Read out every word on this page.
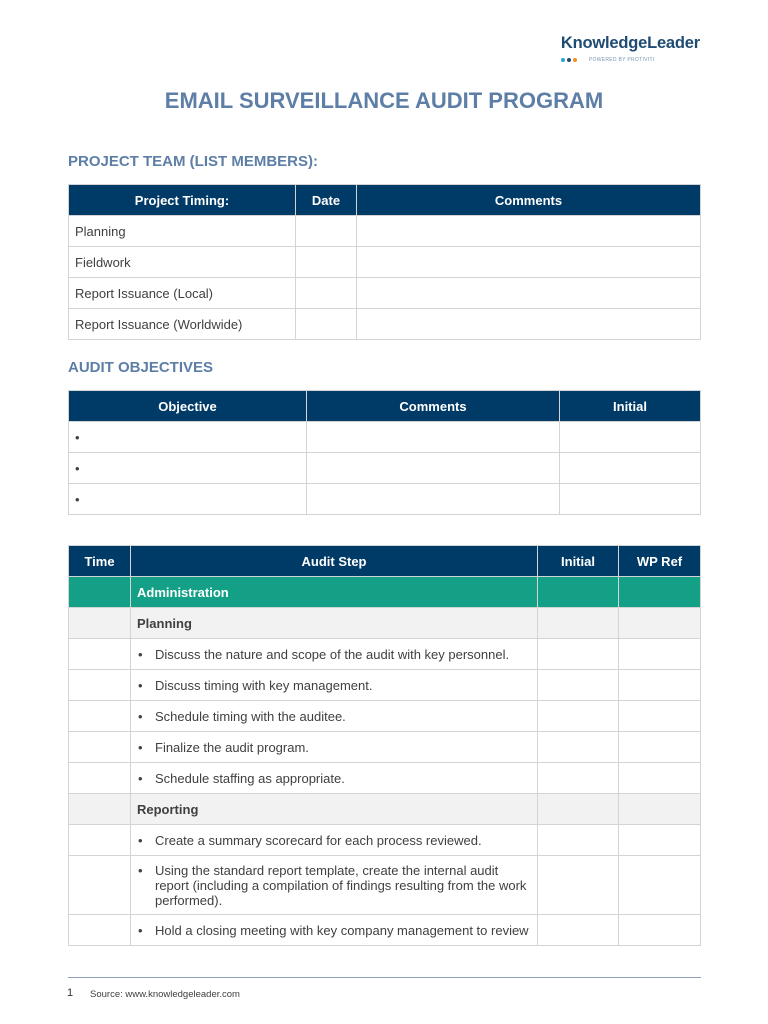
KnowledgeLeader
POWERED BY PROTIVITI
EMAIL SURVEILLANCE AUDIT PROGRAM
PROJECT TEAM (LIST MEMBERS):
Project Timing:	Date	Comments
Planning		
Fieldwork		
Report Issuance (Local)		
Report Issuance (Worldwide)		
AUDIT OBJECTIVES
Objective	Comments	Initial
•		
•		
•		
Time	Audit Step	Initial	WP Ref
	Administration		
	Planning		

	• Discuss the nature and scope of the audit with key personnel.		

	• Discuss timing with key management.		

	• Schedule timing with the auditee.		

	• Finalize the audit program.		

	• Schedule staffing as appropriate.		

	Reporting		

	• Create a summary scorecard for each process reviewed.		

	• Using the standard report template, create the internal audit report (including a compilation of findings resulting from the work performed).		

	• Hold a closing meeting with key company management to review		

1 Source: www.knowledgeleader.com
